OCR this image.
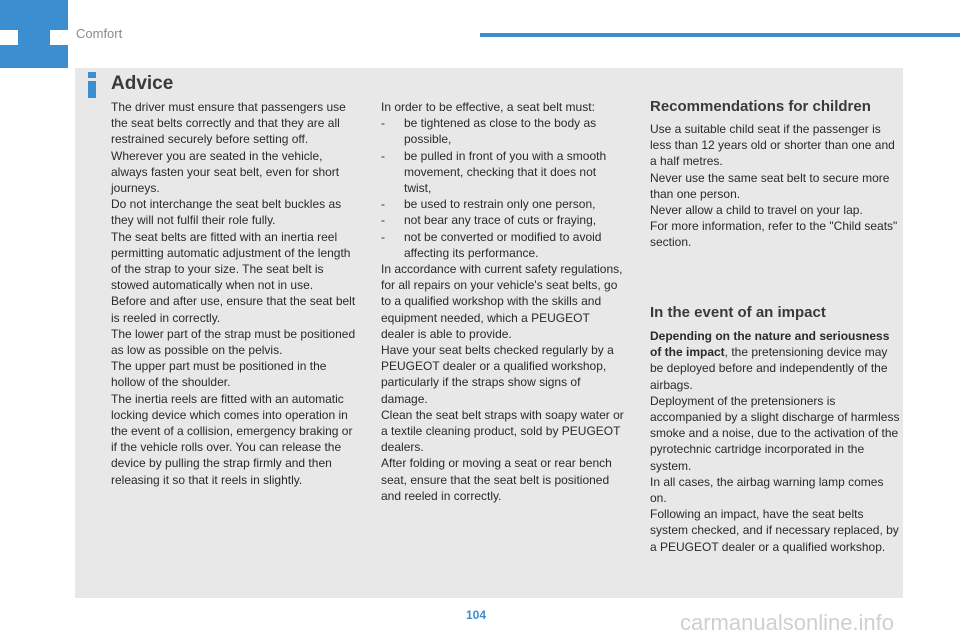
Comfort
Advice

The driver must ensure that passengers use the seat belts correctly and that they are all restrained securely before setting off.

Wherever you are seated in the vehicle, always fasten your seat belt, even for short journeys.

Do not interchange the seat belt buckles as they will not fulfil their role fully.

The seat belts are fitted with an inertia reel permitting automatic adjustment of the length of the strap to your size. The seat belt is stowed automatically when not in use.

Before and after use, ensure that the seat belt is reeled in correctly.

The lower part of the strap must be positioned as low as possible on the pelvis.

The upper part must be positioned in the hollow of the shoulder.

The inertia reels are fitted with an automatic locking device which comes into operation in the event of a collision, emergency braking or if the vehicle rolls over. You can release the device by pulling the strap firmly and then releasing it so that it reels in slightly.

In order to be effective, a seat belt must:

- be tightened as close to the body as possible,
- be pulled in front of you with a smooth movement, checking that it does not twist,
- be used to restrain only one person,
- not bear any trace of cuts or fraying,
- not be converted or modified to avoid affecting its performance.

In accordance with current safety regulations, for all repairs on your vehicle's seat belts, go to a qualified workshop with the skills and equipment needed, which a PEUGEOT dealer is able to provide.

Have your seat belts checked regularly by a PEUGEOT dealer or a qualified workshop, particularly if the straps show signs of damage.

Clean the seat belt straps with soapy water or a textile cleaning product, sold by PEUGEOT dealers.

After folding or moving a seat or rear bench seat, ensure that the seat belt is positioned and reeled in correctly.

Recommendations for children

Use a suitable child seat if the passenger is less than 12 years old or shorter than one and a half metres.

Never use the same seat belt to secure more than one person.

Never allow a child to travel on your lap.

For more information, refer to the "Child seats" section.

In the event of an impact

Depending on the nature and seriousness of the impact, the pretensioning device may be deployed before and independently of the airbags.

Deployment of the pretensioners is accompanied by a slight discharge of harmless smoke and a noise, due to the activation of the pyrotechnic cartridge incorporated in the system.

In all cases, the airbag warning lamp comes on.

Following an impact, have the seat belts system checked, and if necessary replaced, by a PEUGEOT dealer or a qualified workshop.

104	carmanualsonline.info
